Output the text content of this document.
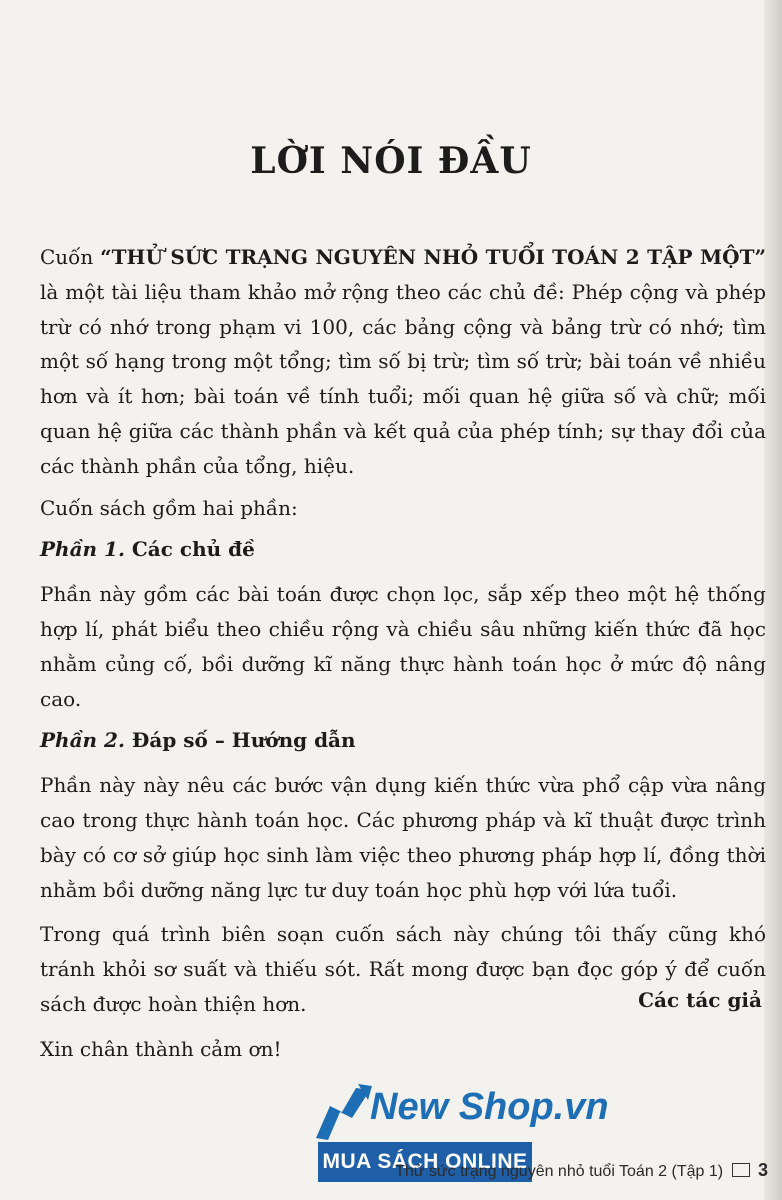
LỜI NÓI ĐẦU

Cuốn “THỬ SỨC TRẠNG NGUYÊN NHỎ TUỔI TOÁN 2 TẬP MỘT” là một tài liệu tham khảo mở rộng theo các chủ đề: Phép cộng và phép trừ có nhớ trong phạm vi 100, các bảng cộng và bảng trừ có nhớ; tìm một số hạng trong một tổng; tìm số bị trừ; tìm số trừ; bài toán về nhiều hơn và ít hơn; bài toán về tính tuổi; mối quan hệ giữa số và chữ; mối quan hệ giữa các thành phần và kết quả của phép tính; sự thay đổi của các thành phần của tổng, hiệu.

Cuốn sách gồm hai phần:

Phần 1. Các chủ đề

Phần này gồm các bài toán được chọn lọc, sắp xếp theo một hệ thống hợp lí, phát biểu theo chiều rộng và chiều sâu những kiến thức đã học nhằm củng cố, bồi dưỡng kĩ năng thực hành toán học ở mức độ nâng cao.

Phần 2. Đáp số – Hướng dẫn

Phần này này nêu các bước vận dụng kiến thức vừa phổ cập vừa nâng cao trong thực hành toán học. Các phương pháp và kĩ thuật được trình bày có cơ sở giúp học sinh làm việc theo phương pháp hợp lí, đồng thời nhằm bồi dưỡng năng lực tư duy toán học phù hợp với lứa tuổi.

Trong quá trình biên soạn cuốn sách này chúng tôi thấy cũng khó tránh khỏi sơ suất và thiếu sót. Rất mong được bạn đọc góp ý để cuốn sách được hoàn thiện hơn.

Xin chân thành cảm ơn!

Các tác giả
New Shop.vn
MUA SÁCH ONLINE
Thử sức trạng nguyên nhỏ tuổi Toán 2 (Tập 1) 3
